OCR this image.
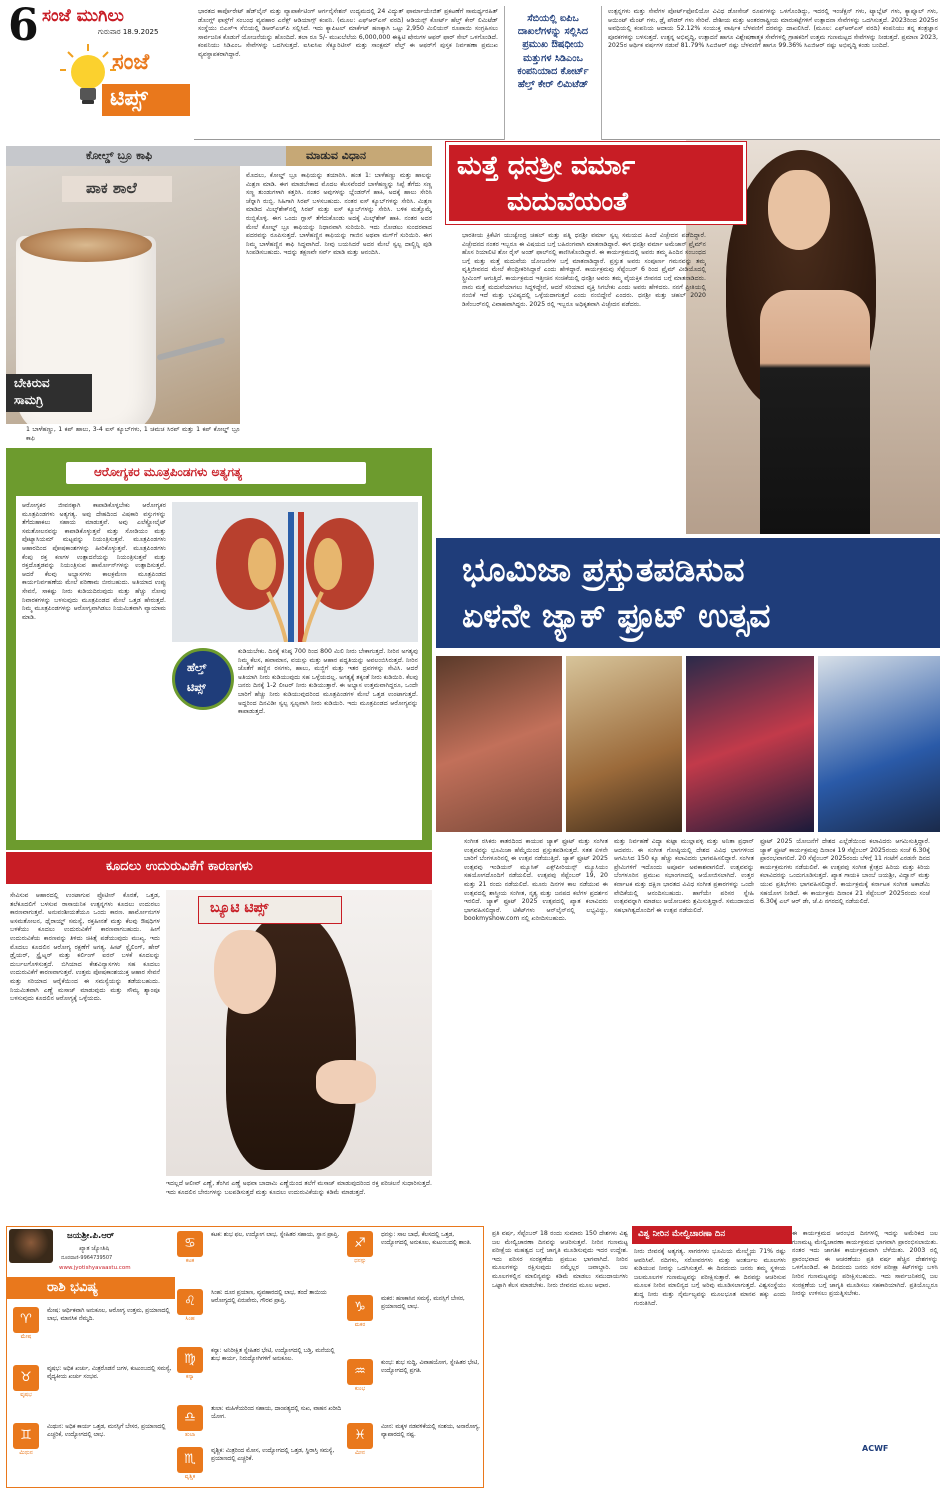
6 ಸಂಜೆ ಮುಗಿಲು
ಗುರುವಾರ 18.9.2025
ಸಂಜೆ
ಟಿಪ್ಸ್
ಭಾರತದ ಕಾರ್ಪೊರೇಟ್ ಹೆಡ್‌ಲೈನ್ ಮತ್ತು ವ್ಯಾಪಾರ್ಕೆಟಿಂಗ್ ಆರ್ಗನೈಸೇಶನ್ ಉದ್ಯಮದಲ್ಲಿ 24 ವಿದ್ಯುತ್ ಫಾರ್ಮಾಯೇಜಿತ್ ಪ್ರಕಟಣೆಗೆ ಸಾಮರ್ಥ್ಯರಹಿತ್ ಡೊಂಗ್ಲ್ ಫಾಸ್ಟ್‌ಗೆ ಸಂಬಂಧ ವ್ಯವಹಾರ ಎನೆಕ್ಸ್ ಆಡಿಯಾಗ್ಸ್ ಕಂಪನಿ. (ಮೂಲ: ಎಫ್‌ಆರ್‌ಎಸ್ ವರದಿ) ಆಡಿಯನ್ಸ್ ಕೋರ್ಟ್ ಹೆಲ್ತ್ ಕೇರ್ ಲಿಮಿಟೆಡ್ ಸಂಸ್ಥೆಯು ಬಿಎಸ್‌ಇ ಸೆಬಿಯಲ್ಲಿ ಡಿಆರ್‌ಎಚ್‌ಪಿ ಸಲ್ಲಿಸಿದೆ. ಇದು ಕ್ಯಾಪಿಟಲ್ ಮಾರ್ಕೆಟ್ ಹಣಕ್ಕಾಗಿ ಒಟ್ಟು 2,950 ಮಿಲಿಯನ್ ರೂಪಾಯಿ ಸಂಗ್ರಹಿಸಲು ಸಾರ್ವಜನಿಕ ಕೊಡುಗೆ ಯೋಜನೆಯನ್ನು ಹೊಂದಿದೆ. ತಲಾ ರೂ 5/- ಮುಖಬೆಲೆಯ 6,000,000 ಈಕ್ವಿಟಿ ಷೇರುಗಳ ಆಫರ್ ಫಾರ್ ಸೇಲ್ ಒಳಗೊಂಡಿದೆ. ಕಂಪನಿಯು ಸಿಡಿಎಂಒ ಸೇವೆಗಳನ್ನು ಒದಗಿಸುತ್ತದೆ. ಐಸಿಐಸಿಐ ಸೆಕ್ಯೂರಿಟೀಸ್ ಮತ್ತು ಸಾಂಕ್ಟಮ್ ವೆಲ್ತ್ ಈ ಆಫರ್‌ಗೆ ಪುಸ್ತಕ ನಿರ್ವಹಣಾ ಪ್ರಮುಖ ವ್ಯವಸ್ಥಾಪಕರಾಗಿದ್ದಾರೆ.
ಸೆಬಿಯಲ್ಲಿ ಐಪಿಒ ದಾಖಲೆಗಳನ್ನು ಸಲ್ಲಿಸಿದ ಪ್ರಮುಖ ಔಷಧೀಯ ಮತ್ತುಗಳ ಸಿಡಿಎಂಒ ಕಂಪನಿಯಾದ ಕೋರ್ಟ್ ಹೆಲ್ತ್ ಕೇರ್ ಲಿಮಿಟೆಡ್
ಉತ್ಪನ್ನಗಳು ಮತ್ತು ಸೇವೆಗಳ ಪೋರ್ಟ್‌ಫೋಲಿಯೋ ವಿವಿಧ ಡೋಸೇಜ್ ರೂಪಗಳನ್ನು ಒಳಗೊಂಡಿದ್ದು, ಇದರಲ್ಲಿ ಇಂಜೆಕ್ಷನ್ ಗಳು, ಟ್ಯಾಬ್ಲೆಟ್ ಗಳು, ಕ್ಯಾಪ್ಸೂಲ್ ಗಳು, ಆಯಿಂಟ್ ಮೆಂಟ್ ಗಳು, ಡ್ರೈ ಪೌಡರ್ ಗಳು ಸೇರಿವೆ. ದೇಶೀಯ ಮತ್ತು ಅಂತರರಾಷ್ಟ್ರೀಯ ಮಾರುಕಟ್ಟೆಗಳಿಗೆ ಉತ್ಪಾದನಾ ಸೇವೆಗಳನ್ನು ಒದಗಿಸುತ್ತದೆ. 2023ರಿಂದ 2025ರ ಅವಧಿಯಲ್ಲಿ ಕಂಪನಿಯ ಆದಾಯ 52.12% ಸಂಯುಕ್ತ ವಾರ್ಷಿಕ ಬೆಳವಣಿಗೆ ದರವನ್ನು ದಾಖಲಿಸಿದೆ. (ಮೂಲ: ಎಫ್‌ಆರ್‌ಎಸ್ ವರದಿ) ಕಂಪನಿಯು ತನ್ನ ತಂತ್ರಜ್ಞಾನ ಪೂರಕಗಳನ್ನು ಬಳಸುತ್ತದೆ. ಉತ್ಪನ್ನ ಅಭಿವೃದ್ಧಿ, ಉತ್ಪಾದನೆ ಹಾಗೂ ವಿಶ್ಲೇಷಣಾತ್ಮಕ ಸೇವೆಗಳಲ್ಲಿ ಗ್ರಾಹಕರಿಗೆ ಉತ್ತಮ ಗುಣಮಟ್ಟದ ಸೇವೆಗಳನ್ನು ನೀಡುತ್ತದೆ. ಪ್ರಮಾಣ 2023, 2025ರ ಆರ್ಥಿಕ ವರ್ಷಗಳ ನಡುವೆ 81.79% ಸಿಎಜಿಆರ್ ನಷ್ಟು ಬೆಳವಣಿಗೆ ಹಾಗೂ 99.36% ಸಿಎಜಿಆರ್ ನಷ್ಟು ಅಭಿವೃದ್ಧಿ ಕಂಡು ಬಂದಿದೆ.
ಕೋಲ್ಡ್ ಬ್ರೂ ಕಾಫಿ	ಮಾಡುವ ವಿಧಾನ
ಪಾಕ ಶಾಲೆ
ಬೇಕಿರುವ
ಸಾಮಗ್ರಿ
1 ಬಾಳೆಹಣ್ಣು, 1 ಕಪ್ ಹಾಲು, 3-4 ಐಸ್ ಕ್ಯೂಬ್‌ಗಳು, 1 ಚಮಚ ಸಿರಪ್ ಮತ್ತು 1 ಕಪ್ ಕೋಲ್ಡ್ ಬ್ರೂ ಕಾಫಿ
ಮೊದಲು, ಕೋಲ್ಡ್ ಬ್ರೂ ಕಾಫಿಯನ್ನು ತಯಾರಿಸಿ. ಹಂತ 1: ಬಾಳೆಹಣ್ಣು ಮತ್ತು ಹಾಲನ್ನು ಮಿಶ್ರಣ ಮಾಡಿ. ಈಗ ಮಾಡಬೇಕಾದ ಮೊದಲ ಕೆಲಸವೆಂದರೆ ಬಾಳೆಹಣ್ಣನ್ನು ಸಿಪ್ಪೆ ತೆಗೆದು ಸಣ್ಣ ಸಣ್ಣ ತುಂಡುಗಳಾಗಿ ಕತ್ತರಿಸಿ. ನಂತರ ಅವುಗಳನ್ನು ಬ್ಲೆಂಡರ್‌ಗೆ ಹಾಕಿ, ಅದಕ್ಕೆ ಹಾಲು ಸೇರಿಸಿ ಚೆನ್ನಾಗಿ ರುಬ್ಬಿ. ಸಿಹಿಗಾಗಿ ಸಿರಪ್ ಬಳಸಬಹುದು. ನಂತರ ಐಸ್ ಕ್ಯೂಬ್‌ಗಳನ್ನು ಸೇರಿಸಿ. ಮಿಶ್ರಣ ಮಾಡಿದ ಮಿಲ್ಕ್‌ಶೇಕ್‌ನಲ್ಲಿ ಸಿರಪ್ ಮತ್ತು ಐಸ್ ಕ್ಯೂಬ್‌ಗಳನ್ನು ಸೇರಿಸಿ. ಬಳಿಕ ಮತ್ತೊಮ್ಮೆ ರುಬ್ಬಿಕೊಳ್ಳಿ. ಈಗ ಒಂದು ಗ್ಲಾಸ್ ತೆಗೆದುಕೊಂಡು ಅದಕ್ಕೆ ಮಿಲ್ಕ್‌ಶೇಕ್ ಹಾಕಿ. ನಂತರ ಅದರ ಮೇಲೆ ಕೋಲ್ಡ್ ಬ್ರೂ ಕಾಫಿಯನ್ನು ನಿಧಾನವಾಗಿ ಸುರಿಯಿರಿ. ಇದು ನೋಡಲು ಸುಂದರವಾದ ಪದರವನ್ನು ರೂಪಿಸುತ್ತದೆ. ಬಾಳೆಹಣ್ಣಿನ ಕಾಫಿಯನ್ನು ಗಾಜಿನ ಅಥವಾ ಮಗ್‌ಗೆ ಸುರಿಯಿರಿ. ಈಗ ನಿಮ್ಮ ಬಾಳೆಹಣ್ಣಿನ ಕಾಫಿ ಸಿದ್ಧವಾಗಿದೆ. ನೀವು ಬಯಸಿದರೆ ಅದರ ಮೇಲೆ ಸ್ವಲ್ಪ ದಾಲ್ಚಿನ್ನಿ ಪುಡಿ ಸಿಂಪಡಿಸಬಹುದು. ಇದನ್ನು ತಕ್ಷಣವೇ ಸರ್ವ್ ಮಾಡಿ ಮತ್ತು ಆನಂದಿಸಿ.
ಮತ್ತೆ ಧನಶ್ರೀ ವರ್ಮಾ
ಮದುವೆಯಂತೆ
ಭಾರತೀಯ ಕ್ರಿಕೆಟಿಗ ಯುಜ್ವೇಂದ್ರ ಚಹಲ್ ಮತ್ತು ಪತ್ನಿ ಧನಶ್ರೀ ವರ್ಮಾ ಸ್ವಲ್ಪ ಸಮಯದ ಹಿಂದೆ ವಿಚ್ಛೇದನ ಪಡೆದಿದ್ದಾರೆ. ವಿಚ್ಛೇದನದ ನಂತರ ಇಬ್ಬರೂ ಈ ವಿಷಯದ ಬಗ್ಗೆ ಬಹಿರಂಗವಾಗಿ ಮಾತನಾಡಿದ್ದಾರೆ. ಈಗ ಧನಶ್ರೀ ವರ್ಮಾ ಅಮೆಜಾನ್ ಪ್ರೈಮ್‌ನ ಹೊಸ ರಿಯಾಲಿಟಿ ಶೋ ರೈಸ್ ಅಂಡ್ ಫಾಲ್‌ನಲ್ಲಿ ಕಾಣಿಸಿಕೊಂಡಿದ್ದಾರೆ. ಈ ಕಾರ್ಯಕ್ರಮದಲ್ಲಿ ಅವರು ತಮ್ಮ ಹಿಂದಿನ ಸಂಬಂಧದ ಬಗ್ಗೆ ಮತ್ತು ಮತ್ತೆ ಮದುವೆಯ ಯೋಜನೆಗಳ ಬಗ್ಗೆ ಮಾತನಾಡಿದ್ದಾರೆ. ಪ್ರಸ್ತುತ ಅವರು ಸಂಪೂರ್ಣ ಗಮನವನ್ನು ತಮ್ಮ ವೃತ್ತಿಜೀವನದ ಮೇಲೆ ಕೇಂದ್ರೀಕರಿಸಿದ್ದಾರೆ ಎಂದು ಹೇಳಿದ್ದಾರೆ. ಕಾರ್ಯಕ್ರಮವು ಸೆಪ್ಟೆಂಬರ್ 6 ರಿಂದ ಪ್ರೈಮ್ ವೀಡಿಯೊದಲ್ಲಿ ಸ್ಟ್ರೀಮಿಂಗ್ ಆಗುತ್ತಿದೆ. ಕಾರ್ಯಕ್ರಮದ ಇತ್ತೀಚಿನ ಸಂಚಿಕೆಯಲ್ಲಿ ಧನಶ್ರೀ ಅವರು ತಮ್ಮ ವೈಯಕ್ತಿಕ ಜೀವನದ ಬಗ್ಗೆ ಮಾತನಾಡಿದರು. ನಾನು ಮತ್ತೆ ಮದುವೆಯಾಗಲು ಸಿದ್ಧಳಿದ್ದೇನೆ, ಆದರೆ ಸರಿಯಾದ ವ್ಯಕ್ತಿ ಸಿಗಬೇಕು ಎಂದು ಅವರು ಹೇಳಿದರು. ನನಗೆ ಪ್ರೀತಿಯಲ್ಲಿ ನಂಬಿಕೆ ಇದೆ ಮತ್ತು ಭವಿಷ್ಯದಲ್ಲಿ ಒಳ್ಳೆಯದಾಗುತ್ತದೆ ಎಂದು ನಂಬಿದ್ದೇನೆ ಎಂದರು. ಧನಶ್ರೀ ಮತ್ತು ಚಹಲ್ 2020 ಡಿಸೆಂಬರ್‌ನಲ್ಲಿ ವಿವಾಹವಾಗಿದ್ದರು. 2025 ರಲ್ಲಿ ಇಬ್ಬರೂ ಅಧಿಕೃತವಾಗಿ ವಿಚ್ಛೇದನ ಪಡೆದರು.
ಆರೋಗ್ಯಕರ ಮೂತ್ರಪಿಂಡಗಳು ಅತ್ಯಗತ್ಯ
ಆರೋಗ್ಯಕರ ಜೀವನಕ್ಕಾಗಿ ಕಾಪಾಡಿಕೊಳ್ಳಬೇಕು ಆರೋಗ್ಯಕರ ಮೂತ್ರಪಿಂಡಗಳು ಅತ್ಯಗತ್ಯ. ಅವು ದೇಹದಿಂದ ವಿಷಕಾರಿ ವಸ್ತುಗಳನ್ನು ತೆಗೆದುಹಾಕಲು ಸಹಾಯ ಮಾಡುತ್ತವೆ. ಅವು ಎಲೆಕ್ಟ್ರೋಲೈಟ್ ಸಮತೋಲನವನ್ನು ಕಾಪಾಡಿಕೊಳ್ಳುತ್ತವೆ ಮತ್ತು ಸೋಡಿಯಂ ಮತ್ತು ಪೊಟ್ಯಾಸಿಯಮ್ ಮಟ್ಟವನ್ನು ನಿಯಂತ್ರಿಸುತ್ತವೆ. ಮೂತ್ರಪಿಂಡಗಳು ಆಹಾರದಿಂದ ಪೋಷಕಾಂಶಗಳನ್ನು ಹೀರಿಕೊಳ್ಳುತ್ತವೆ. ಮೂತ್ರಪಿಂಡಗಳು ಕೆಂಪು ರಕ್ತ ಕಣಗಳ ಉತ್ಪಾದನೆಯನ್ನು ನಿಯಂತ್ರಿಸುತ್ತವೆ ಮತ್ತು ರಕ್ತದೊತ್ತಡವನ್ನು ನಿಯಂತ್ರಿಸುವ ಹಾರ್ಮೋನ್‌ಗಳನ್ನು ಉತ್ಪಾದಿಸುತ್ತವೆ. ಆದರೆ ಕೆಲವು ಅಭ್ಯಾಸಗಳು ಕಾಲಕ್ರಮೇಣ ಮೂತ್ರಪಿಂಡದ ಕಾರ್ಯನಿರ್ವಹಣೆಯ ಮೇಲೆ ಪರಿಣಾಮ ಬೀರಬಹುದು. ಅತಿಯಾದ ಉಪ್ಪು ಸೇವನೆ, ಸಾಕಷ್ಟು ನೀರು ಕುಡಿಯದಿರುವುದು ಮತ್ತು ಹೆಚ್ಚು ನೋವು ನಿವಾರಕಗಳನ್ನು ಬಳಸುವುದು ಮೂತ್ರಪಿಂಡದ ಮೇಲೆ ಒತ್ತಡ ಹೇರುತ್ತದೆ. ನಿಮ್ಮ ಮೂತ್ರಪಿಂಡಗಳನ್ನು ಆರೋಗ್ಯವಾಗಿಡಲು ನಿಯಮಿತವಾಗಿ ವ್ಯಾಯಾಮ ಮಾಡಿ.
ಹೆಲ್ತ್
ಟಿಪ್ಸ್
ಕುಡಿಯಬೇಕು. ದಿನಕ್ಕೆ ಕನಿಷ್ಠ 700 ರಿಂದ 800 ಮಿಲಿ ನೀರು ಬೇಕಾಗುತ್ತದೆ. ನೀರಿನ ಅಗತ್ಯವು ನಿಮ್ಮ ಕೆಲಸ, ಹವಾಮಾನ, ವಯಸ್ಸು ಮತ್ತು ಆಹಾರ ಪದ್ಧತಿಯನ್ನು ಅವಲಂಬಿಸಿರುತ್ತದೆ. ನೀರಿನ ಜೊತೆಗೆ ಹಣ್ಣಿನ ರಸಗಳು, ಹಾಲು, ಮಜ್ಜಿಗೆ ಮತ್ತು ಇತರ ದ್ರವಗಳನ್ನು ಸೇವಿಸಿ. ಆದರೆ ಅತಿಯಾಗಿ ನೀರು ಕುಡಿಯುವುದು ಸಹ ಒಳ್ಳೆಯದಲ್ಲ. ಅಗತ್ಯಕ್ಕೆ ತಕ್ಕಂತೆ ನೀರು ಕುಡಿಯಿರಿ. ಕೆಲವು ಜನರು ದಿನಕ್ಕೆ 1-2 ಲೀಟರ್ ನೀರು ಕುಡಿಯುತ್ತಾರೆ. ಈ ಅಭ್ಯಾಸ ಉತ್ತಮವಾಗಿದ್ದರೂ, ಒಂದೇ ಬಾರಿಗೆ ಹೆಚ್ಚು ನೀರು ಕುಡಿಯುವುದರಿಂದ ಮೂತ್ರಪಿಂಡಗಳ ಮೇಲೆ ಒತ್ತಡ ಉಂಟಾಗುತ್ತದೆ. ಅದ್ದರಿಂದ ದಿನವಿಡೀ ಸ್ವಲ್ಪ ಸ್ವಲ್ಪವಾಗಿ ನೀರು ಕುಡಿಯಿರಿ. ಇದು ಮೂತ್ರಪಿಂಡದ ಆರೋಗ್ಯವನ್ನು ಕಾಪಾಡುತ್ತದೆ.
ಕೂದಲು ಉದುರುವಿಕೆಗೆ ಕಾರಣಗಳು
ಸೇವಿಸುವ ಆಹಾರದಲ್ಲಿ ಉಂಟಾಗುವ ಪ್ರೊಟೀನ್ ಕೊರತೆ, ಒತ್ತಡ, ತಲೆಕೂದಲಿಗೆ ಬಳಸುವ ರಾಸಾಯನಿಕ ಉತ್ಪನ್ನಗಳು ಕೂದಲು ಉದುರಲು ಕಾರಣವಾಗುತ್ತವೆ. ಅನುವಂಶೀಯತೆಯೂ ಒಂದು ಕಾರಣ. ಹಾರ್ಮೋನುಗಳ ಅಸಮತೋಲನ, ಥೈರಾಯ್ಡ್ ಸಮಸ್ಯೆ, ರಕ್ತಹೀನತೆ ಮತ್ತು ಕೆಲವು ಔಷಧಿಗಳ ಬಳಕೆಯು ಕೂದಲು ಉದುರುವಿಕೆಗೆ ಕಾರಣವಾಗಬಹುದು. ಹೀಗೆ ಉದುರುವಿಕೆಯ ಕಾರಣವನ್ನು ತಿಳಿದು ಚಿಕಿತ್ಸೆ ಪಡೆಯುವುದು ಮುಖ್ಯ. ಇದು ಮೊದಲು ಕೂದಲಿನ ಆರೋಗ್ಯ ರಕ್ಷಣೆಗೆ ಅಗತ್ಯ. ಹೀಟ್ ಸ್ಟೈಲಿಂಗ್, ಹೇರ್ ಡ್ರೈಯರ್, ಸ್ಟ್ರೈಟ್ನರ್ ಮತ್ತು ಕರ್ಲಿಂಗ್ ಐರನ್ ಬಳಕೆ ಕೂದಲನ್ನು ದುರ್ಬಲಗೊಳಿಸುತ್ತದೆ. ಬಿಗಿಯಾದ ಕೇಶವಿನ್ಯಾಸಗಳು ಸಹ ಕೂದಲು ಉದುರುವಿಕೆಗೆ ಕಾರಣವಾಗುತ್ತವೆ. ಉತ್ತಮ ಪೋಷಕಾಂಶಯುಕ್ತ ಆಹಾರ ಸೇವನೆ ಮತ್ತು ಸರಿಯಾದ ಆರೈಕೆಯಿಂದ ಈ ಸಮಸ್ಯೆಯನ್ನು ತಡೆಯಬಹುದು. ನಿಯಮಿತವಾಗಿ ಎಣ್ಣೆ ಮಸಾಜ್ ಮಾಡುವುದು ಮತ್ತು ಸೌಮ್ಯ ಶ್ಯಾಂಪೂ ಬಳಸುವುದು ಕೂದಲಿನ ಆರೋಗ್ಯಕ್ಕೆ ಒಳ್ಳೆಯದು.
ಬ್ಯೂಟಿ ಟಿಪ್ಸ್
ಇದಲ್ಲದೆ ಆಲೀವ್ ಎಣ್ಣೆ, ತೆಂಗಿನ ಎಣ್ಣೆ ಅಥವಾ ಬಾದಾಮಿ ಎಣ್ಣೆಯಿಂದ ತಲೆಗೆ ಮಸಾಜ್ ಮಾಡುವುದರಿಂದ ರಕ್ತ ಪರಿಚಲನೆ ಸುಧಾರಿಸುತ್ತದೆ. ಇದು ಕೂದಲಿನ ಬೇರುಗಳನ್ನು ಬಲಪಡಿಸುತ್ತದೆ ಮತ್ತು ಕೂದಲು ಉದುರುವಿಕೆಯನ್ನು ಕಡಿಮೆ ಮಾಡುತ್ತದೆ.
ಭೂಮಿಜಾ ಪ್ರಸ್ತುತಪಡಿಸುವ
ಏಳನೇ ಜ್ಯಾಕ್ ಫ್ರೂಟ್ ಉತ್ಸವ
ಸಂಗೀತ ರಸಿಕರು ಕಾತರದಿಂದ ಕಾಯುವ ಜ್ಯಾಕ್ ಫ್ರೂಟ್ ಮತ್ತು ಸಂಗೀತ ಉತ್ಸವವನ್ನು ಭೂಮಿಜಾ ಹೆಮ್ಮೆಯಿಂದ ಪ್ರಸ್ತುತಪಡಿಸುತ್ತದೆ. ಸತತ ಏಳನೇ ಬಾರಿಗೆ ಬೆಂಗಳೂರಿನಲ್ಲಿ ಈ ಉತ್ಸವ ನಡೆಯುತ್ತಿದೆ. ಜ್ಯಾಕ್ ಫ್ರೂಟ್ 2025 ಉತ್ಸವವು ಇಂಡಿಯನ್ ಮ್ಯೂಸಿಕ್ ಎಕ್ಸ್‌ಪೀರಿಯನ್ಸ್ ಮ್ಯೂಸಿಯಂ ಸಹಯೋಗದೊಂದಿಗೆ ನಡೆಯಲಿದೆ. ಉತ್ಸವವು ಸೆಪ್ಟೆಂಬರ್ 19, 20 ಮತ್ತು 21 ರಂದು ನಡೆಯಲಿದೆ. ಮೂರು ದಿನಗಳ ಕಾಲ ನಡೆಯುವ ಈ ಉತ್ಸವದಲ್ಲಿ ಶಾಸ್ತ್ರೀಯ ಸಂಗೀತ, ನೃತ್ಯ ಮತ್ತು ಜನಪದ ಕಲೆಗಳ ಪ್ರದರ್ಶನ ಇರಲಿದೆ. ಜ್ಯಾಕ್ ಫ್ರೂಟ್ 2025 ಉತ್ಸವದಲ್ಲಿ ಖ್ಯಾತ ಕಲಾವಿದರು ಭಾಗವಹಿಸಲಿದ್ದಾರೆ. ಟಿಕೆಟ್‌ಗಳು ಆನ್‌ಲೈನ್‌ನಲ್ಲಿ ಲಭ್ಯವಿದ್ದು, bookmyshow.com ನಲ್ಲಿ ಖರೀದಿಸಬಹುದು.
ಮತ್ತು ನಿರ್ವಹಣೆ ವಿದ್ಯಾ ಕುಟ್ಟಾ ಮುಲ್ಲಾಪಳ್ಳಿ ಮತ್ತು ಅನಿತಾ ಪ್ರಧಾನ್ ಆದವರು. ಈ ಸಂಗೀತ ಗೋಷ್ಠಿಯಲ್ಲಿ ದೇಶದ ವಿವಿಧ ಭಾಗಗಳಿಂದ ಆಗಮಿಸಿದ 150 ಕ್ಕೂ ಹೆಚ್ಚು ಕಲಾವಿದರು ಭಾಗವಹಿಸಲಿದ್ದಾರೆ. ಸಂಗೀತ ಪ್ರೇಮಿಗಳಿಗೆ ಇದೊಂದು ಅಪೂರ್ವ ಅವಕಾಶವಾಗಲಿದೆ. ಉತ್ಸವವನ್ನು ಬೆಂಗಳೂರಿನ ಪ್ರಮುಖ ಸಭಾಂಗಣದಲ್ಲಿ ಆಯೋಜಿಸಲಾಗಿದೆ. ಉತ್ತರ ಕರ್ನಾಟಕ ಮತ್ತು ದಕ್ಷಿಣ ಭಾರತದ ವಿವಿಧ ಸಂಗೀತ ಪ್ರಕಾರಗಳನ್ನು ಒಂದೇ ವೇದಿಕೆಯಲ್ಲಿ ಆನಂದಿಸಬಹುದು. ಹಾಗೆಯೇ ಪರಿಸರ ಸ್ನೇಹಿ ಉತ್ಸವವನ್ನಾಗಿ ಮಾಡಲು ಆಯೋಜಕರು ಶ್ರಮಿಸುತ್ತಿದ್ದಾರೆ. ಸಮುದಾಯದ ಸಹಭಾಗಿತ್ವದೊಂದಿಗೆ ಈ ಉತ್ಸವ ನಡೆಯಲಿದೆ.
ಫ್ರೂಟ್ 2025 ಯೋಜನೆಗೆ ದೇಶದ ಎಲ್ಲೆಡೆಯಿಂದ ಕಲಾವಿದರು ಆಗಮಿಸುತ್ತಿದ್ದಾರೆ. ಜ್ಯಾಕ್ ಫ್ರೂಟ್ ಕಾರ್ಯಕ್ರಮವು ದಿನಾಂಕ 19 ಸೆಪ್ಟೆಂಬರ್ 2025ರಂದು ಸಂಜೆ 6.30ಕ್ಕೆ ಪ್ರಾರಂಭವಾಗಲಿದೆ. 20 ಸೆಪ್ಟೆಂಬರ್ 2025ರಂದು ಬೆಳಿಗ್ಗೆ 11 ಗಂಟೆಗೆ ಎರಡನೇ ದಿನದ ಕಾರ್ಯಕ್ರಮಗಳು ನಡೆಯಲಿವೆ. ಈ ಉತ್ಸವವು ಸಂಗೀತ ಕ್ಷೇತ್ರದ ಹಿರಿಯ ಮತ್ತು ಕಿರಿಯ ಕಲಾವಿದರನ್ನು ಒಂದುಗೂಡಿಸುತ್ತದೆ. ಖ್ಯಾತ ಗಾಯಕಿ ಬಾಂಬೆ ಜಯಶ್ರೀ, ವಿದ್ವಾನ್ ಮತ್ತು ಯುವ ಪ್ರತಿಭೆಗಳು ಭಾಗವಹಿಸಲಿದ್ದಾರೆ. ಕಾರ್ಯಕ್ರಮಕ್ಕೆ ಕರ್ನಾಟಕ ಸಂಗೀತ ಅಕಾಡೆಮಿ ಸಹಯೋಗ ನೀಡಿದೆ. ಈ ಕಾರ್ಯಕ್ರಮ ದಿನಾಂಕ 21 ಸೆಪ್ಟೆಂಬರ್ 2025ರಂದು ಸಂಜೆ 6.30ಕ್ಕೆ ಎಲ್ ಆರ್ ಡೇ, ಜೆ.ಪಿ ನಗರದಲ್ಲಿ ನಡೆಯಲಿದೆ.
ಜಯಶ್ರೀ.ಪಿ.ಆರ್
ಖ್ಯಾತ ಜ್ಯೋತಿಷಿ
ದೂರವಾಣಿ-9964739507
www.jyotishyavaastu.com
ರಾಶಿ ಭವಿಷ್ಯ
♈
ಮೇಷ
ಮೇಷ: ಆರ್ಥಿಕವಾಗಿ ಅನುಕೂಲ, ಆರೋಗ್ಯ ಉತ್ತಮ, ಪ್ರಯಾಣದಲ್ಲಿ ಲಾಭ, ಮಾನಸಿಕ ನೆಮ್ಮದಿ.
♉
ವೃಷಭ
ವೃಷಭ: ಅಧಿಕ ಖರ್ಚು, ಮಿತ್ರರೊಡನೆ ಜಗಳ, ಕುಟುಂಬದಲ್ಲಿ ಸಮಸ್ಯೆ, ವೈದ್ಯಕೀಯ ಖರ್ಚು ಸಂಭವ.
♊
ಮಿಥುನ
ಮಿಥುನ: ಅಧಿಕ ಕಾರ್ಯ ಒತ್ತಡ, ಮನಸ್ಸಿಗೆ ಬೇಸರ, ಪ್ರಯಾಣದಲ್ಲಿ ಎಚ್ಚರಿಕೆ, ಉದ್ಯೋಗದಲ್ಲಿ ಲಾಭ.
♋
ಕಟಕ
ಕಟಕ: ಶುಭ ಫಲ, ಉದ್ಯೋಗ ಲಾಭ, ಸ್ನೇಹಿತರ ಸಹಾಯ, ಸ್ಥಾನ ಪ್ರಾಪ್ತಿ.
♌
ಸಿಂಹ
ಸಿಂಹ: ದೂರ ಪ್ರಯಾಣ, ವ್ಯವಹಾರದಲ್ಲಿ ಲಾಭ, ತಂದೆ ತಾಯಿಯ ಆರೋಗ್ಯದಲ್ಲಿ ಏರುಪೇರು, ಗೌರವ ಪ್ರಾಪ್ತಿ.
♍
ಕನ್ಯಾ
ಕನ್ಯಾ: ಅನಿರೀಕ್ಷಿತ ಸ್ನೇಹಿತರ ಭೇಟಿ, ಉದ್ಯೋಗದಲ್ಲಿ ಬಡ್ತಿ, ಮನೆಯಲ್ಲಿ ಶುಭ ಕಾರ್ಯ, ನಿರುದ್ಯೋಗಿಗಳಿಗೆ ಅನುಕೂಲ.
♎
ತುಲಾ
ತುಲಾ: ಮಹಿಳೆಯರಿಂದ ಸಹಾಯ, ದಾಂಪತ್ಯದಲ್ಲಿ ಸುಖ, ವಾಹನ ಖರೀದಿ ಯೋಗ.
♏
ವೃಶ್ಚಿಕ
ವೃಶ್ಚಿಕ: ಮಿತ್ರರಿಂದ ಮೋಸ, ಉದ್ಯೋಗದಲ್ಲಿ ಒತ್ತಡ, ಸ್ಥಿರಾಸ್ತಿ ಸಮಸ್ಯೆ, ಪ್ರಯಾಣದಲ್ಲಿ ಎಚ್ಚರಿಕೆ.
♐
ಧನಸ್ಸು
ಧನಸ್ಸು: ಸಾಲ ಬಾಧೆ, ಕೆಲಸದಲ್ಲಿ ಒತ್ತಡ, ಉದ್ಯೋಗದಲ್ಲಿ ಅನುಕೂಲ, ಕುಟುಂಬದಲ್ಲಿ ಶಾಂತಿ.
♑
ಮಕರ
ಮಕರ: ಹಣಕಾಸಿನ ಸಮಸ್ಯೆ, ಮನಸ್ಸಿಗೆ ಬೇಸರ, ಪ್ರಯಾಣದಲ್ಲಿ ಲಾಭ.
♒
ಕುಂಭ
ಕುಂಭ: ಶುಭ ಸುದ್ದಿ, ವಿವಾಹಯೋಗ, ಸ್ನೇಹಿತರ ಭೇಟಿ, ಉದ್ಯೋಗದಲ್ಲಿ ಪ್ರಗತಿ.
♓
ಮೀನ
ಮೀನ: ಮಕ್ಕಳ ನಡವಳಿಕೆಯಲ್ಲಿ ಸಂಶಯ, ಅನಾರೋಗ್ಯ, ವ್ಯಾಪಾರದಲ್ಲಿ ನಷ್ಟ.
ವಿಶ್ವ ನೀರಿನ ಮೇಲ್ವಿಚಾರಣಾ ದಿನ
ಪ್ರತಿ ವರ್ಷ, ಸೆಪ್ಟೆಂಬರ್ 18 ರಂದು ಸುಮಾರು 150 ದೇಶಗಳು ವಿಶ್ವ ಜಲ ಮೇಲ್ವಿಚಾರಣಾ ದಿನವನ್ನು ಆಚರಿಸುತ್ತವೆ. ನೀರಿನ ಗುಣಮಟ್ಟ ಪರೀಕ್ಷೆಯ ಮಹತ್ವದ ಬಗ್ಗೆ ಜಾಗೃತಿ ಮೂಡಿಸುವುದು ಇದರ ಉದ್ದೇಶ. ಇದು ಪರಿಸರ ಸಂರಕ್ಷಣೆಯ ಪ್ರಮುಖ ಭಾಗವಾಗಿದೆ. ನೀರಿನ ಮೂಲಗಳನ್ನು ರಕ್ಷಿಸುವುದು ನಮ್ಮೆಲ್ಲರ ಜವಾಬ್ದಾರಿ. ಜಲ ಮೂಲಗಳಲ್ಲಿನ ಮಾಲಿನ್ಯವನ್ನು ಕಡಿಮೆ ಮಾಡಲು ಸಮುದಾಯಗಳು ಒಟ್ಟಾಗಿ ಕೆಲಸ ಮಾಡಬೇಕು. ನೀರು ಜೀವನದ ಮೂಲ ಆಧಾರ.
ನೀರು ಜೀವನಕ್ಕೆ ಅತ್ಯಗತ್ಯ. ಸಾಗರಗಳು ಭೂಮಿಯ ಮೇಲ್ಮೈಯ 71% ರಷ್ಟು ಆವರಿಸಿವೆ. ನದಿಗಳು, ಸರೋವರಗಳು ಮತ್ತು ಅಂತರ್ಜಲ ಮೂಲಗಳು ಕುಡಿಯುವ ನೀರನ್ನು ಒದಗಿಸುತ್ತವೆ. ಈ ದಿನದಂದು ಜನರು ತಮ್ಮ ಸ್ಥಳೀಯ ಜಲಮೂಲಗಳ ಗುಣಮಟ್ಟವನ್ನು ಪರೀಕ್ಷಿಸುತ್ತಾರೆ. ಈ ದಿನವನ್ನು ಆಚರಿಸುವ ಮೂಲಕ ನೀರಿನ ಮಾಲಿನ್ಯದ ಬಗ್ಗೆ ಅರಿವು ಮೂಡಿಸಲಾಗುತ್ತದೆ. ವಿಶ್ವಸಂಸ್ಥೆಯು ಶುದ್ಧ ನೀರು ಮತ್ತು ನೈರ್ಮಲ್ಯವನ್ನು ಮೂಲಭೂತ ಮಾನವ ಹಕ್ಕು ಎಂದು ಗುರುತಿಸಿದೆ.
ಈ ಕಾರ್ಯಕ್ರಮದ ಆರಂಭದ ದಿನಗಳಲ್ಲಿ ಇದನ್ನು ಅಮೆರಿಕದ ಜಲ ಗುಣಮಟ್ಟ ಮೇಲ್ವಿಚಾರಣಾ ಕಾರ್ಯಕ್ರಮದ ಭಾಗವಾಗಿ ಪ್ರಾರಂಭಿಸಲಾಯಿತು. ನಂತರ ಇದು ಜಾಗತಿಕ ಕಾರ್ಯಕ್ರಮವಾಗಿ ಬೆಳೆಯಿತು. 2003 ರಲ್ಲಿ ಪ್ರಾರಂಭವಾದ ಈ ಆಚರಣೆಯು ಪ್ರತಿ ವರ್ಷ ಹೆಚ್ಚಿನ ದೇಶಗಳನ್ನು ಒಳಗೊಂಡಿದೆ. ಈ ದಿನದಂದು ಜನರು ಸರಳ ಪರೀಕ್ಷಾ ಕಿಟ್‌ಗಳನ್ನು ಬಳಸಿ ನೀರಿನ ಗುಣಮಟ್ಟವನ್ನು ಪರೀಕ್ಷಿಸಬಹುದು. ಇದು ಸಾರ್ವಜನಿಕರಲ್ಲಿ ಜಲ ಸಂರಕ್ಷಣೆಯ ಬಗ್ಗೆ ಜಾಗೃತಿ ಮೂಡಿಸಲು ಸಹಕಾರಿಯಾಗಿದೆ. ಪ್ರತಿಯೊಬ್ಬರೂ ನೀರನ್ನು ಉಳಿಸಲು ಪ್ರಯತ್ನಿಸಬೇಕು.
ACWF
